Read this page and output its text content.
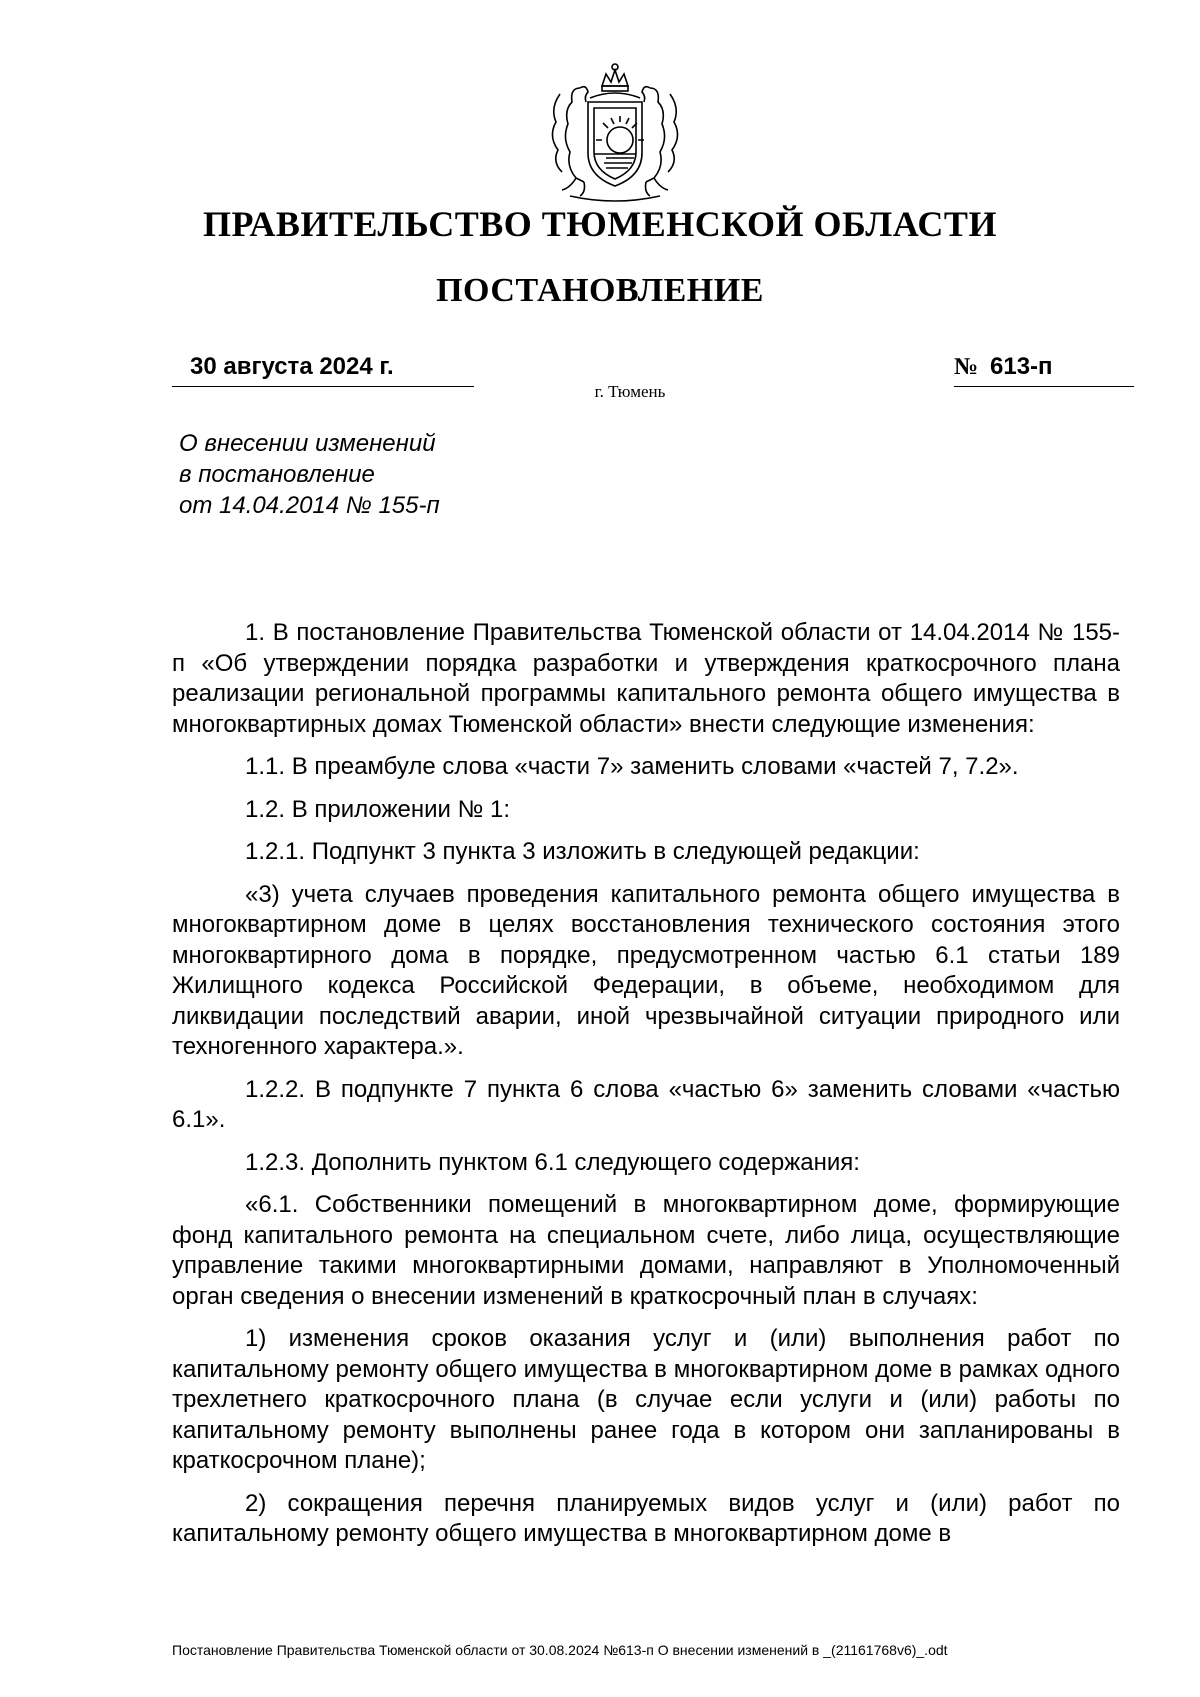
ПРАВИТЕЛЬСТВО ТЮМЕНСКОЙ ОБЛАСТИ
ПОСТАНОВЛЕНИЕ
30 августа 2024 г.	№ 613-п
г. Тюмень
О внесении изменений
в постановление
от 14.04.2014 № 155-п

1. В постановление Правительства Тюменской области от 14.04.2014 № 155-п «Об утверждении порядка разработки и утверждения краткосрочного плана реализации региональной программы капитального ремонта общего имущества в многоквартирных домах Тюменской области» внести следующие изменения:

1.1. В преамбуле слова «части 7» заменить словами «частей 7, 7.2».

1.2. В приложении № 1:

1.2.1. Подпункт 3 пункта 3 изложить в следующей редакции:

«3) учета случаев проведения капитального ремонта общего имущества в многоквартирном доме в целях восстановления технического состояния этого многоквартирного дома в порядке, предусмотренном частью 6.1 статьи 189 Жилищного кодекса Российской Федерации, в объеме, необходимом для ликвидации последствий аварии, иной чрезвычайной ситуации природного или техногенного характера.».

1.2.2. В подпункте 7 пункта 6 слова «частью 6» заменить словами «частью 6.1».

1.2.3. Дополнить пунктом 6.1 следующего содержания:

«6.1. Собственники помещений в многоквартирном доме, формирующие фонд капитального ремонта на специальном счете, либо лица, осуществляющие управление такими многоквартирными домами, направляют в Уполномоченный орган сведения о внесении изменений в краткосрочный план в случаях:

1) изменения сроков оказания услуг и (или) выполнения работ по капитальному ремонту общего имущества в многоквартирном доме в рамках одного трехлетнего краткосрочного плана (в случае если услуги и (или) работы по капитальному ремонту выполнены ранее года в котором они запланированы в краткосрочном плане);

2) сокращения перечня планируемых видов услуг и (или) работ по капитальному ремонту общего имущества в многоквартирном доме в

Постановление Правительства Тюменской области от 30.08.2024 №613-п О внесении изменений в _(21161768v6)_.odt
